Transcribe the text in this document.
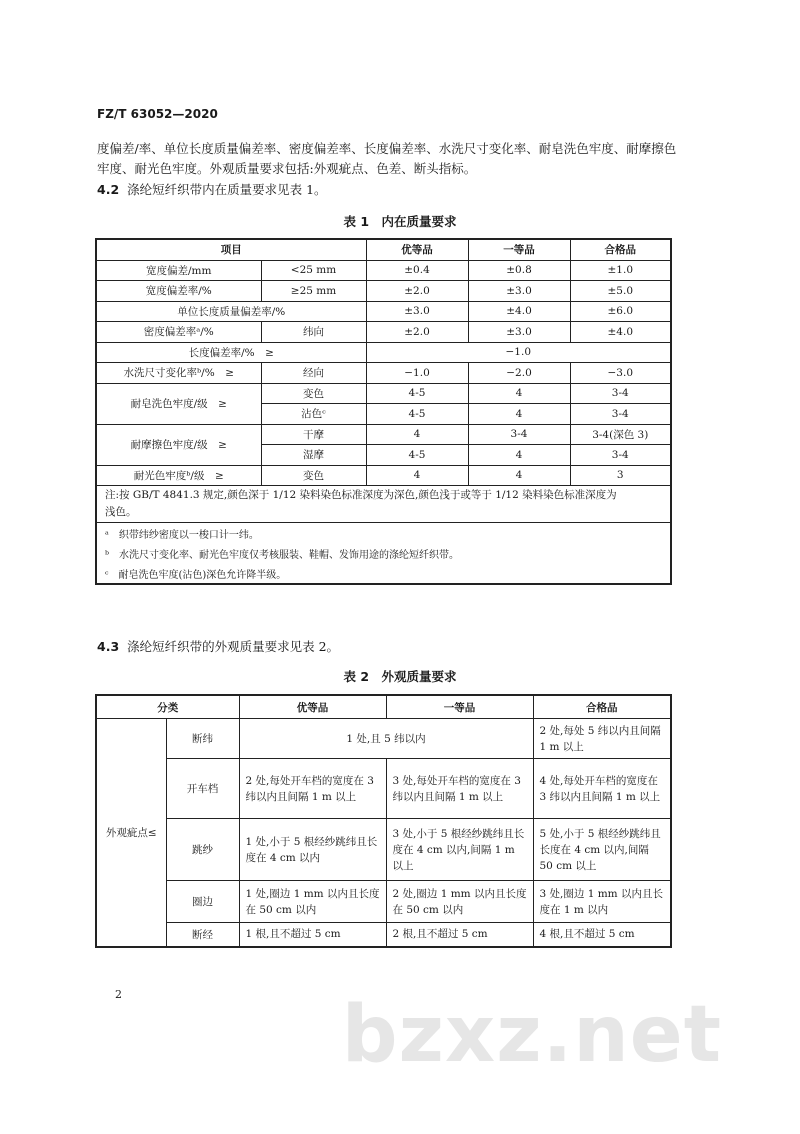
FZ/T 63052—2020
度偏差/率、单位长度质量偏差率、密度偏差率、长度偏差率、水洗尺寸变化率、耐皂洗色牢度、耐摩擦色
牢度、耐光色牢度。外观质量要求包括:外观疵点、色差、断头指标。
4.2 涤纶短纤织带内在质量要求见表 1。
表 1　内在质量要求
项目		优等品	一等品	合格品
宽度偏差/mm	<25 mm	±0.4	±0.8	±1.0
宽度偏差率/%	≥25 mm	±2.0	±3.0	±5.0
单位长度质量偏差率/%		±3.0	±4.0	±6.0
密度偏差率ᵃ/%	纬向	±2.0	±3.0	±4.0
长度偏差率/%　≥		−1.0		
水洗尺寸变化率ᵇ/%　≥	经向	−1.0	−2.0	−3.0
耐皂洗色牢度/级　≥	变色	4-5	4	3-4
	沾色ᶜ	4-5	4	3-4
耐摩擦色牢度/级　≥	干摩	4	3-4	3-4(深色 3)
	湿摩	4-5	4	3-4
耐光色牢度ᵇ/级　≥	变色	4	4	3

注:按 GB/T 4841.3 规定,颜色深于 1/12 染料染色标准深度为深色,颜色浅于或等于 1/12 染料染色标准深度为
浅色。				

ᵃ　织带纬纱密度以一梭口计一纬。				
ᵇ　水洗尺寸变化率、耐光色牢度仅考核服装、鞋帽、发饰用途的涤纶短纤织带。				
ᶜ　耐皂洗色牢度(沾色)深色允许降半级。				
4.3 涤纶短纤织带的外观质量要求见表 2。
表 2　外观质量要求
分类		优等品	一等品	合格品
外观疵点≤	断纬	1 处,且 5 纬以内		2 处,每处 5 纬以内且间隔 1 m 以上
	开车档	2 处,每处开车档的宽度在 3 纬以内且间隔 1 m 以上	3 处,每处开车档的宽度在 3 纬以内且间隔 1 m 以上	4 处,每处开车档的宽度在 3 纬以内且间隔 1 m 以上
	跳纱	1 处,小于 5 根经纱跳纬且长度在 4 cm 以内	3 处,小于 5 根经纱跳纬且长度在 4 cm 以内,间隔 1 m 以上	5 处,小于 5 根经纱跳纬且长度在 4 cm 以内,间隔 50 cm 以上
	圈边	1 处,圈边 1 mm 以内且长度在 50 cm 以内	2 处,圈边 1 mm 以内且长度在 50 cm 以内	3 处,圈边 1 mm 以内且长度在 1 m 以内
	断经	1 根,且不超过 5 cm	2 根,且不超过 5 cm	4 根,且不超过 5 cm
2	bzxz.net
